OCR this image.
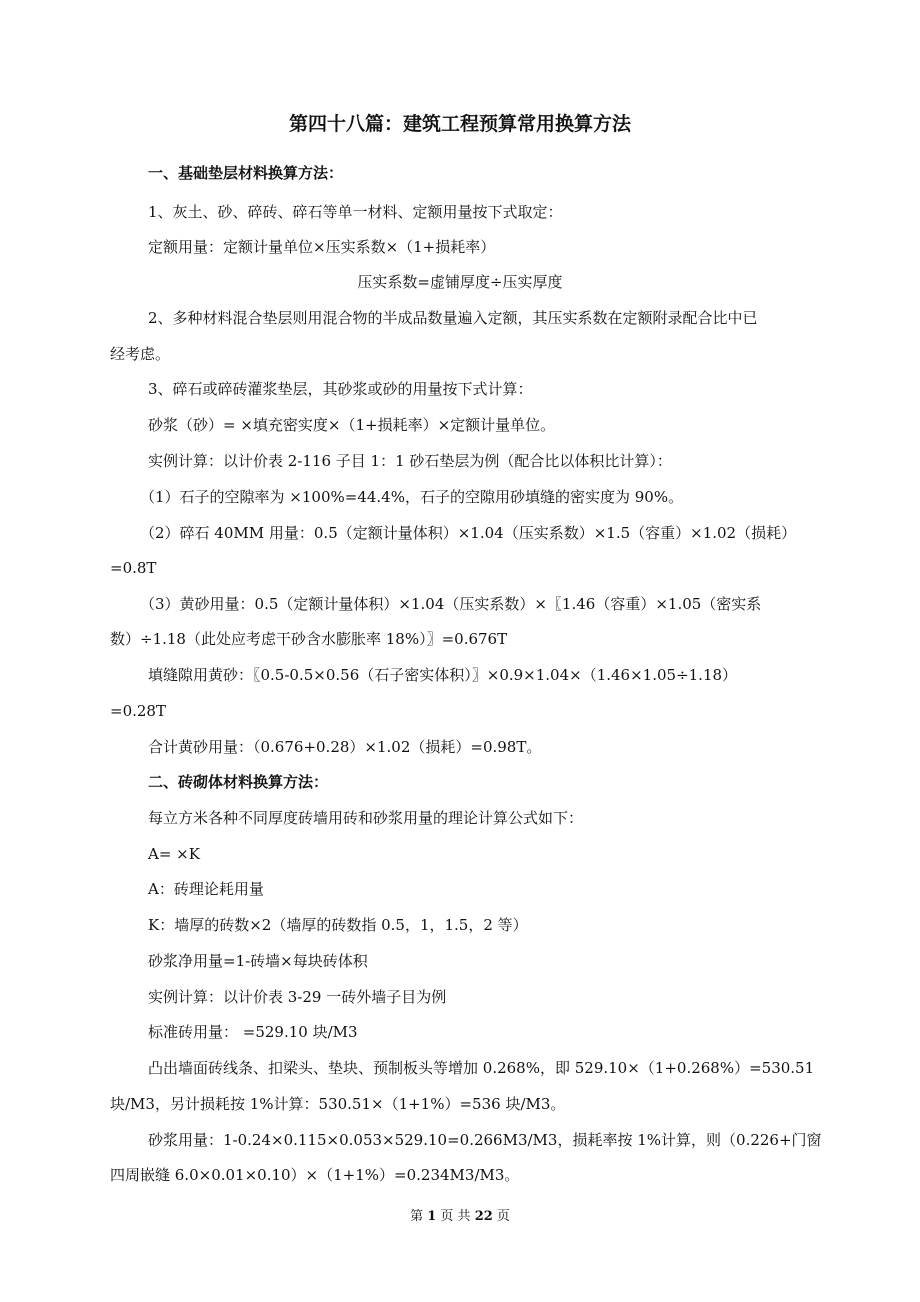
第四十八篇：建筑工程预算常用换算方法
一、基础垫层材料换算方法：
1、灰土、砂、碎砖、碎石等单一材料、定额用量按下式取定：
定额用量：定额计量单位×压实系数×（1+损耗率）
压实系数=虚铺厚度÷压实厚度
2、多种材料混合垫层则用混合物的半成品数量遍入定额，其压实系数在定额附录配合比中已
经考虑。
3、碎石或碎砖灌浆垫层，其砂浆或砂的用量按下式计算：
砂浆（砂）= ×填充密实度×（1+损耗率）×定额计量单位。
实例计算：以计价表 2-116 子目 1：1 砂石垫层为例（配合比以体积比计算）：
（1）石子的空隙率为 ×100%=44.4%，石子的空隙用砂填缝的密实度为 90%。
（2）碎石 40MM 用量：0.5（定额计量体积）×1.04（压实系数）×1.5（容重）×1.02（损耗）
=0.8T
（3）黄砂用量：0.5（定额计量体积）×1.04（压实系数）×〖1.46（容重）×1.05（密实系
数）÷1.18（此处应考虑干砂含水膨胀率 18%）〗=0.676T
填缝隙用黄砂：〖0.5-0.5×0.56（石子密实体积）〗×0.9×1.04×（1.46×1.05÷1.18）
=0.28T
合计黄砂用量：（0.676+0.28）×1.02（损耗）=0.98T。
二、砖砌体材料换算方法：
每立方米各种不同厚度砖墙用砖和砂浆用量的理论计算公式如下：
A= ×K
A：砖理论耗用量
K：墙厚的砖数×2（墙厚的砖数指 0.5，1，1.5，2 等）
砂浆净用量=1-砖墙×每块砖体积
实例计算：以计价表 3-29 一砖外墙子目为例
标准砖用量： =529.10 块/M3
凸出墙面砖线条、扣梁头、垫块、预制板头等增加 0.268%，即 529.10×（1+0.268%）=530.51
块/M3，另计损耗按 1%计算：530.51×（1+1%）=536 块/M3。
砂浆用量：1-0.24×0.115×0.053×529.10=0.266M3/M3，损耗率按 1%计算，则（0.226+门窗
四周嵌缝 6.0×0.01×0.10）×（1+1%）=0.234M3/M3。
第 1 页 共 22 页
